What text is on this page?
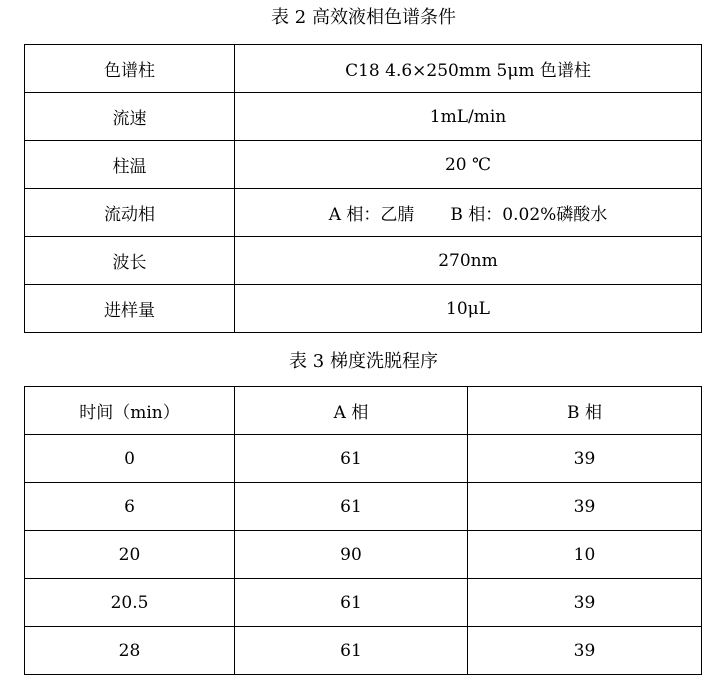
表 2 高效液相色谱条件
色谱柱	C18 4.6×250mm 5μm 色谱柱
流速	1mL/min
柱温	20 ℃
流动相	A 相：乙腈 B 相：0.02%磷酸水
波长	270nm
进样量	10μL
表 3 梯度洗脱程序
时间（min）	A 相	B 相
0	61	39
6	61	39
20	90	10
20.5	61	39
28	61	39
